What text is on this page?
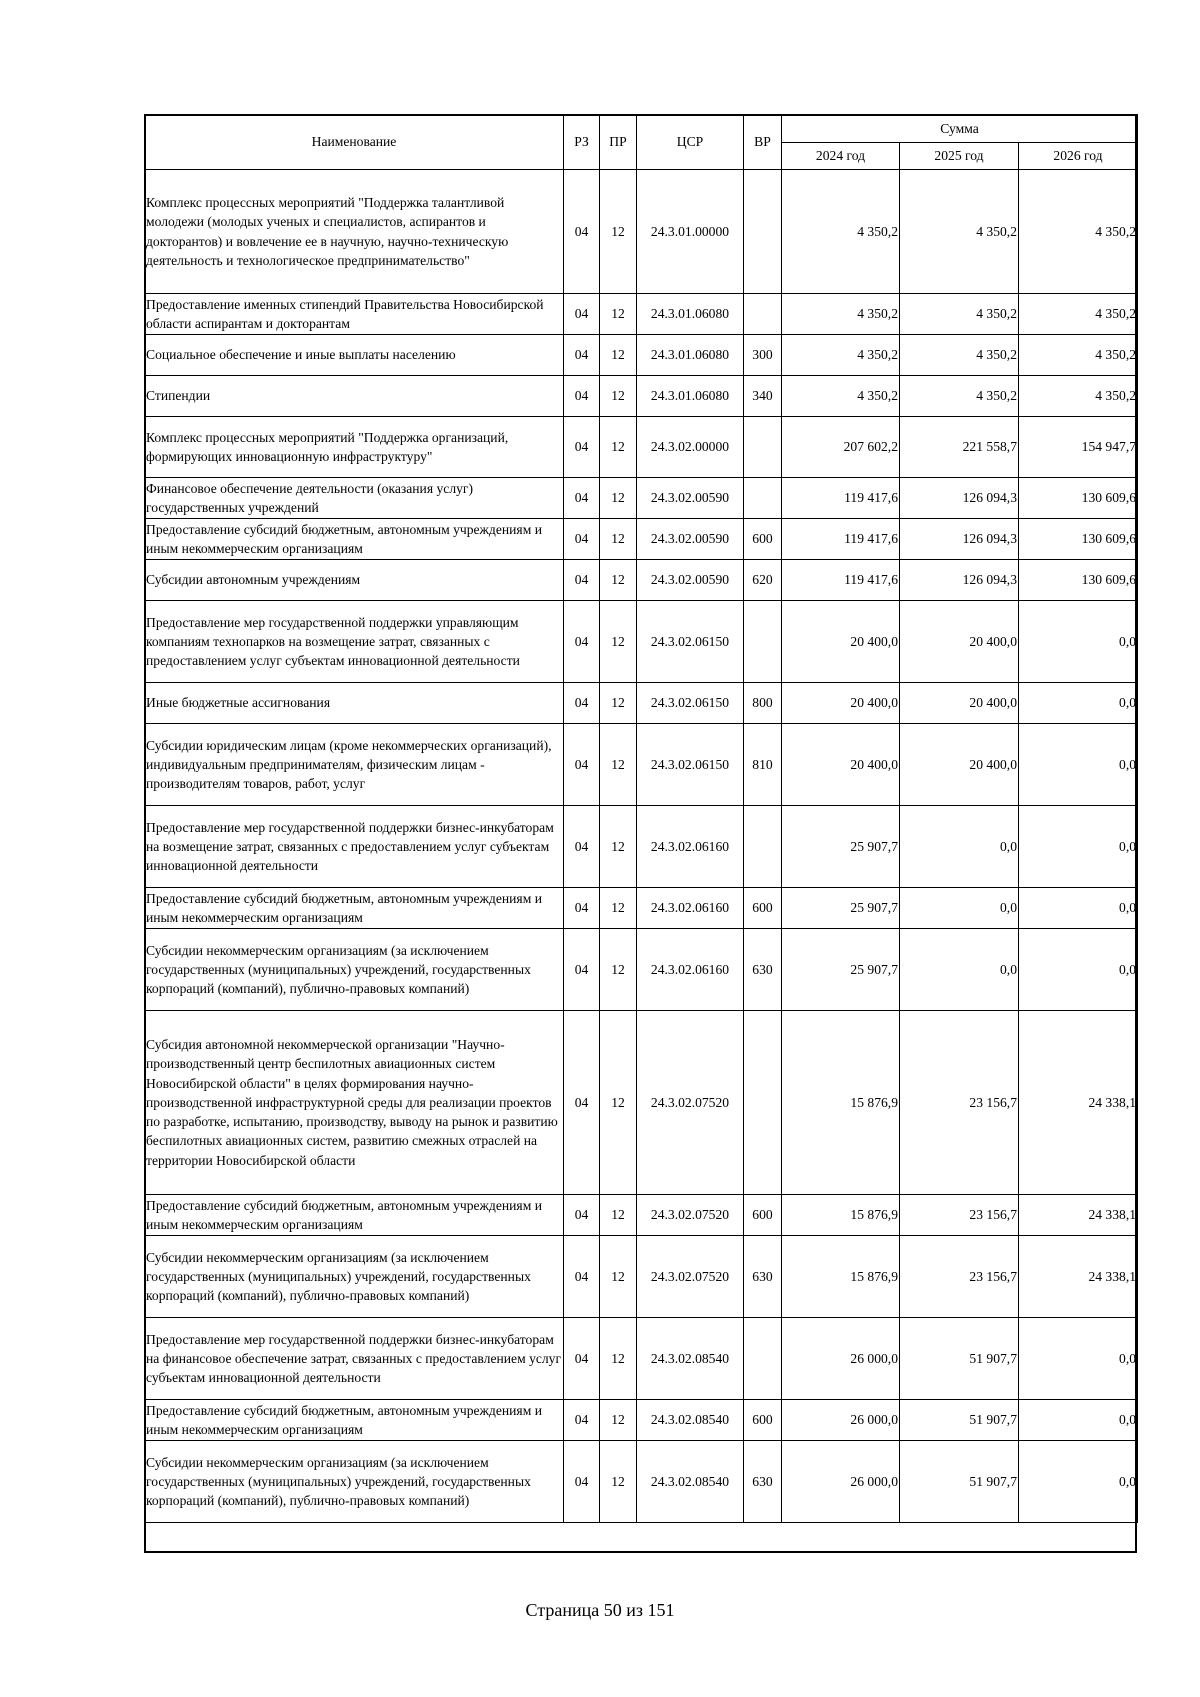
Наименование	РЗ	ПР	ЦСР	ВР	Сумма		
					2024 год	2025 год	2026 год
Комплекс процессных мероприятий "Поддержка талантливой молодежи (молодых ученых и специалистов, аспирантов и докторантов) и вовлечение ее в научную, научно-техническую деятельность и технологическое предпринимательство"	04	12	24.3.01.00000		4 350,2	4 350,2	4 350,2
Предоставление именных стипендий Правительства Новосибирской области аспирантам и докторантам	04	12	24.3.01.06080		4 350,2	4 350,2	4 350,2
Социальное обеспечение и иные выплаты населению	04	12	24.3.01.06080	300	4 350,2	4 350,2	4 350,2
Стипендии	04	12	24.3.01.06080	340	4 350,2	4 350,2	4 350,2
Комплекс процессных мероприятий "Поддержка организаций, формирующих инновационную инфраструктуру"	04	12	24.3.02.00000		207 602,2	221 558,7	154 947,7
Финансовое обеспечение деятельности (оказания услуг) государственных учреждений	04	12	24.3.02.00590		119 417,6	126 094,3	130 609,6
Предоставление субсидий бюджетным, автономным учреждениям и иным некоммерческим организациям	04	12	24.3.02.00590	600	119 417,6	126 094,3	130 609,6
Субсидии автономным учреждениям	04	12	24.3.02.00590	620	119 417,6	126 094,3	130 609,6
Предоставление мер государственной поддержки управляющим компаниям технопарков на возмещение затрат, связанных с предоставлением услуг субъектам инновационной деятельности	04	12	24.3.02.06150		20 400,0	20 400,0	0,0
Иные бюджетные ассигнования	04	12	24.3.02.06150	800	20 400,0	20 400,0	0,0
Субсидии юридическим лицам (кроме некоммерческих организаций), индивидуальным предпринимателям, физическим лицам - производителям товаров, работ, услуг	04	12	24.3.02.06150	810	20 400,0	20 400,0	0,0
Предоставление мер государственной поддержки бизнес-инкубаторам на возмещение затрат, связанных с предоставлением услуг субъектам инновационной деятельности	04	12	24.3.02.06160		25 907,7	0,0	0,0
Предоставление субсидий бюджетным, автономным учреждениям и иным некоммерческим организациям	04	12	24.3.02.06160	600	25 907,7	0,0	0,0
Субсидии некоммерческим организациям (за исключением государственных (муниципальных) учреждений, государственных корпораций (компаний), публично-правовых компаний)	04	12	24.3.02.06160	630	25 907,7	0,0	0,0
Субсидия автономной некоммерческой организации "Научно-производственный центр беспилотных авиационных систем Новосибирской области" в целях формирования научно-производственной инфраструктурной среды для реализации проектов по разработке, испытанию, производству, выводу на рынок и развитию беспилотных авиационных систем, развитию смежных отраслей на территории Новосибирской области	04	12	24.3.02.07520		15 876,9	23 156,7	24 338,1
Предоставление субсидий бюджетным, автономным учреждениям и иным некоммерческим организациям	04	12	24.3.02.07520	600	15 876,9	23 156,7	24 338,1
Субсидии некоммерческим организациям (за исключением государственных (муниципальных) учреждений, государственных корпораций (компаний), публично-правовых компаний)	04	12	24.3.02.07520	630	15 876,9	23 156,7	24 338,1
Предоставление мер государственной поддержки бизнес-инкубаторам на финансовое обеспечение затрат, связанных с предоставлением услуг субъектам инновационной деятельности	04	12	24.3.02.08540		26 000,0	51 907,7	0,0
Предоставление субсидий бюджетным, автономным учреждениям и иным некоммерческим организациям	04	12	24.3.02.08540	600	26 000,0	51 907,7	0,0
Субсидии некоммерческим организациям (за исключением государственных (муниципальных) учреждений, государственных корпораций (компаний), публично-правовых компаний)	04	12	24.3.02.08540	630	26 000,0	51 907,7	0,0
Страница 50 из 151
